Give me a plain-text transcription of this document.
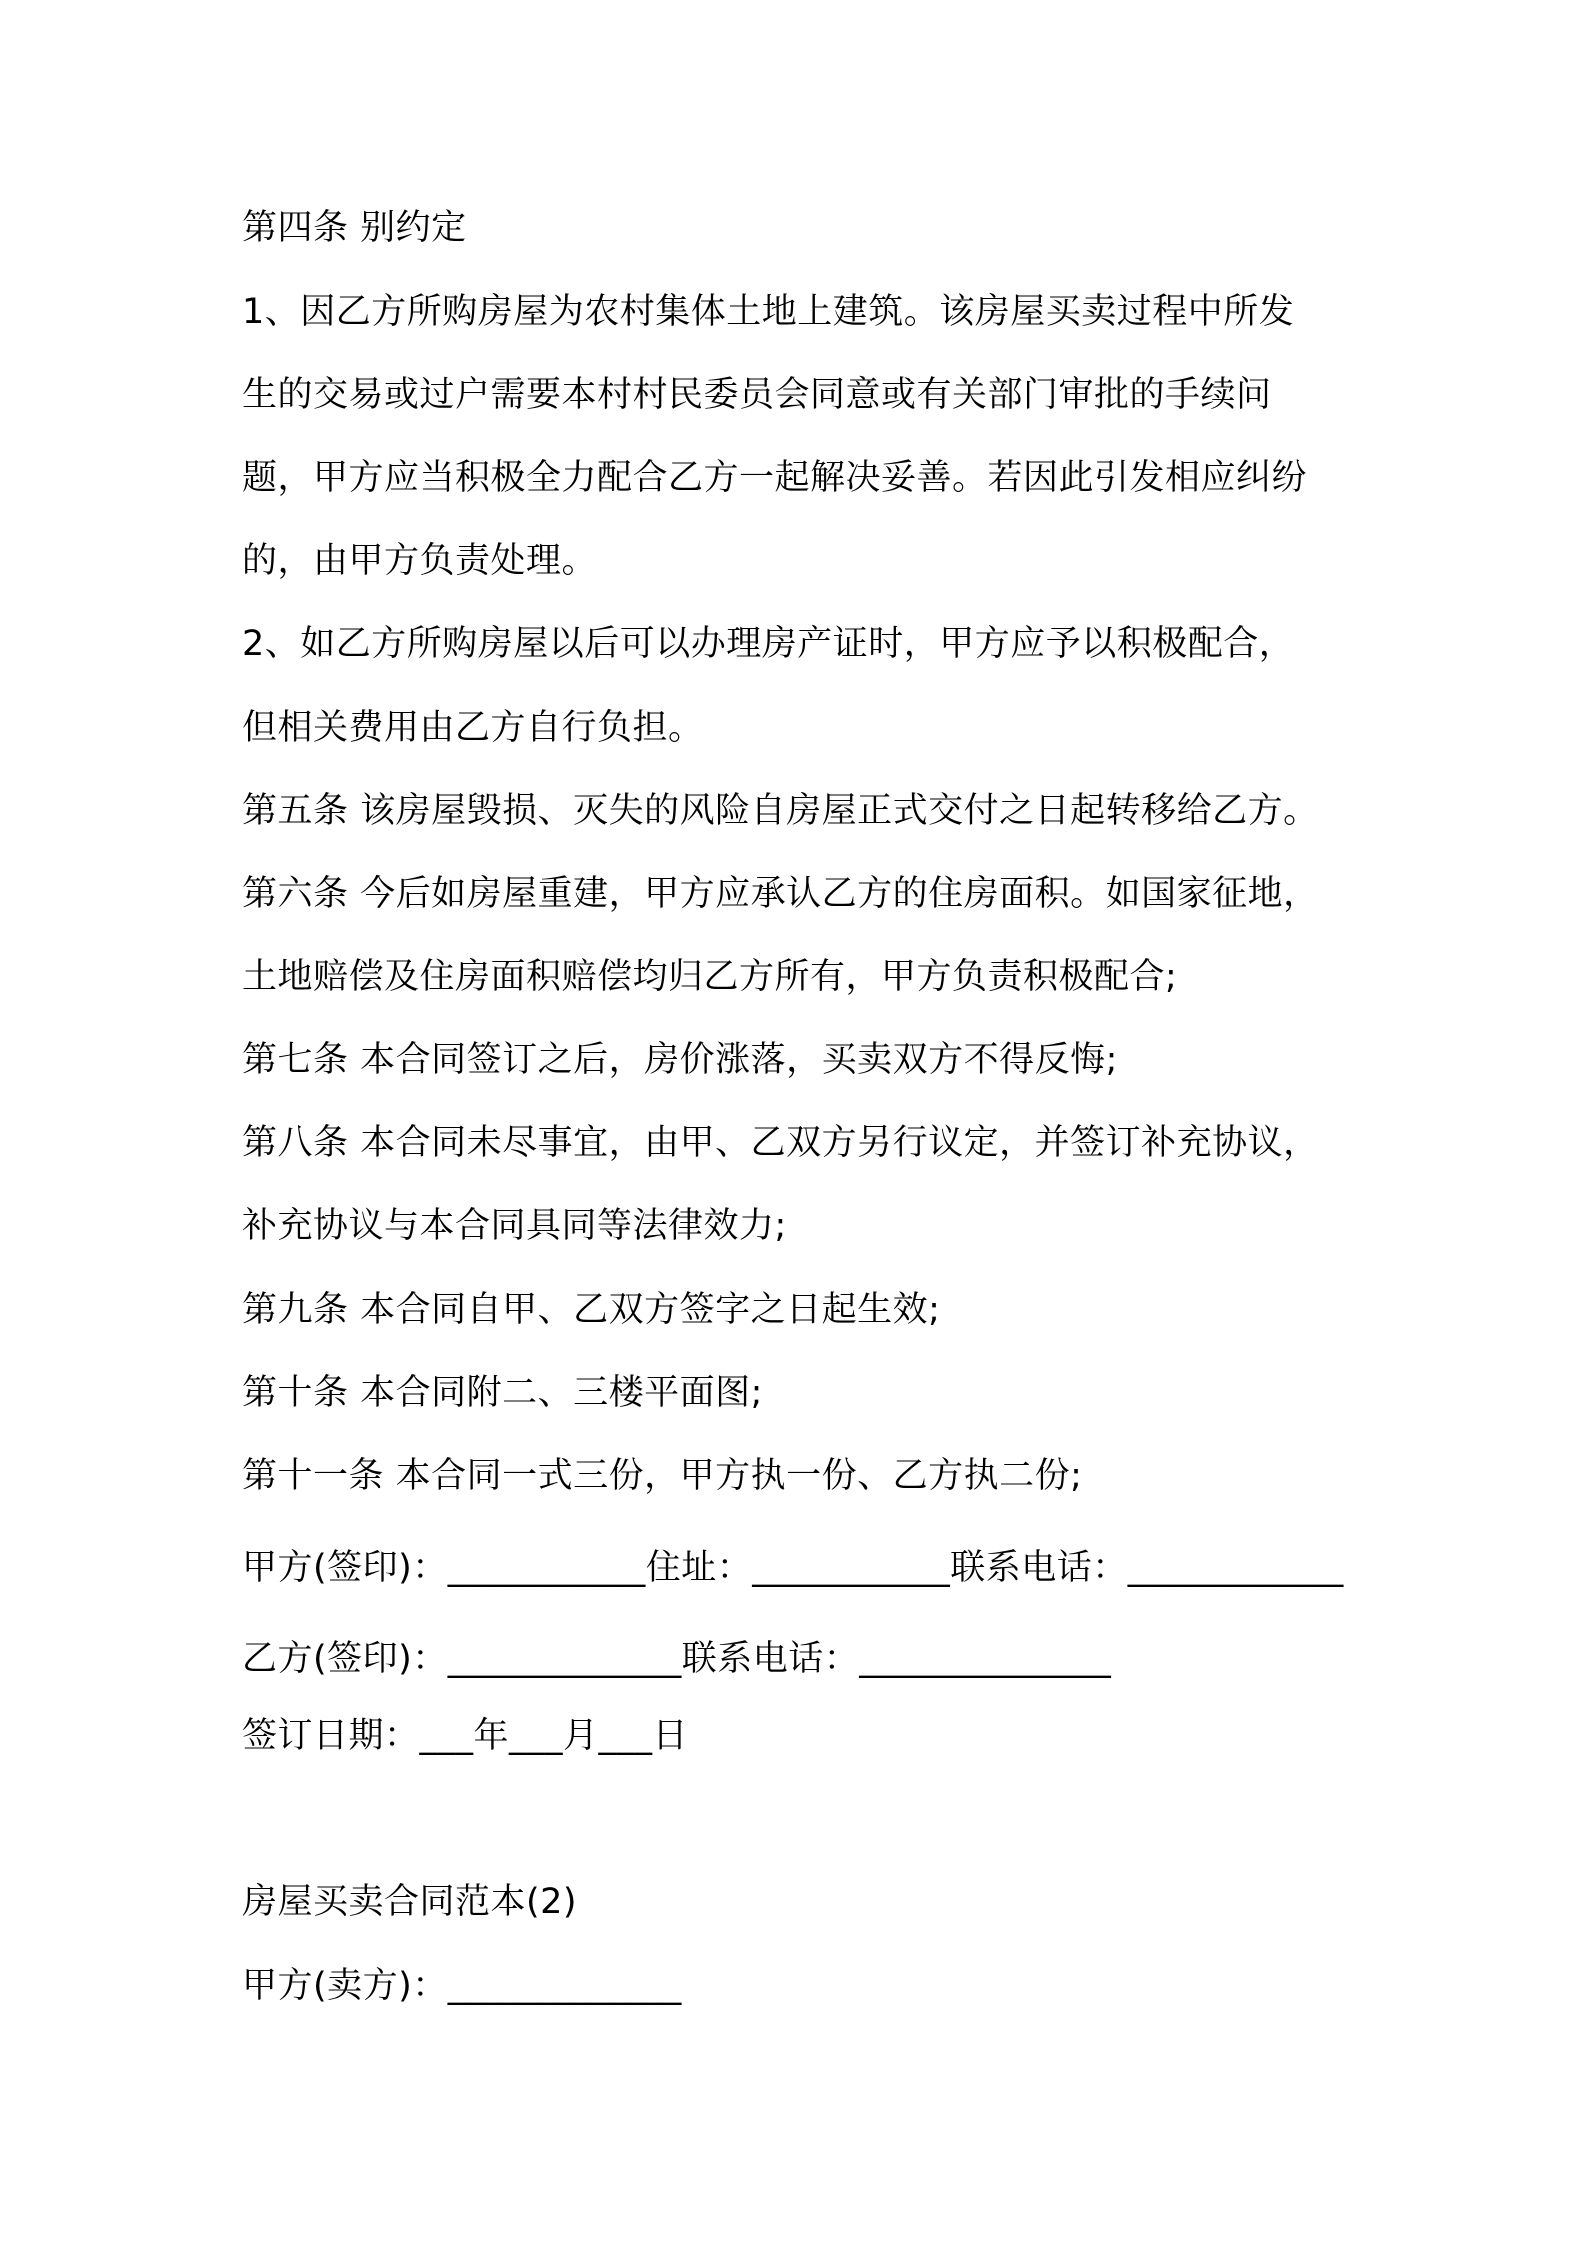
第四条 别约定
1、因乙方所购房屋为农村集体土地上建筑。该房屋买卖过程中所发
生的交易或过户需要本村村民委员会同意或有关部门审批的手续问
题，甲方应当积极全力配合乙方一起解决妥善。若因此引发相应纠纷
的，由甲方负责处理。
2、如乙方所购房屋以后可以办理房产证时，甲方应予以积极配合，
但相关费用由乙方自行负担。
第五条 该房屋毁损、灭失的风险自房屋正式交付之日起转移给乙方。
第六条 今后如房屋重建，甲方应承认乙方的住房面积。如国家征地，
土地赔偿及住房面积赔偿均归乙方所有，甲方负责积极配合;
第七条 本合同签订之后，房价涨落，买卖双方不得反悔;
第八条 本合同未尽事宜，由甲、乙双方另行议定，并签订补充协议，
补充协议与本合同具同等法律效力;
第九条 本合同自甲、乙双方签字之日起生效;
第十条 本合同附二、三楼平面图;
第十一条 本合同一式三份，甲方执一份、乙方执二份;
甲方(签印)：___________住址：___________联系电话：____________
乙方(签印)：_____________联系电话：______________
签订日期：___年___月___日
房屋买卖合同范本(2)
甲方(卖方)：_____________
